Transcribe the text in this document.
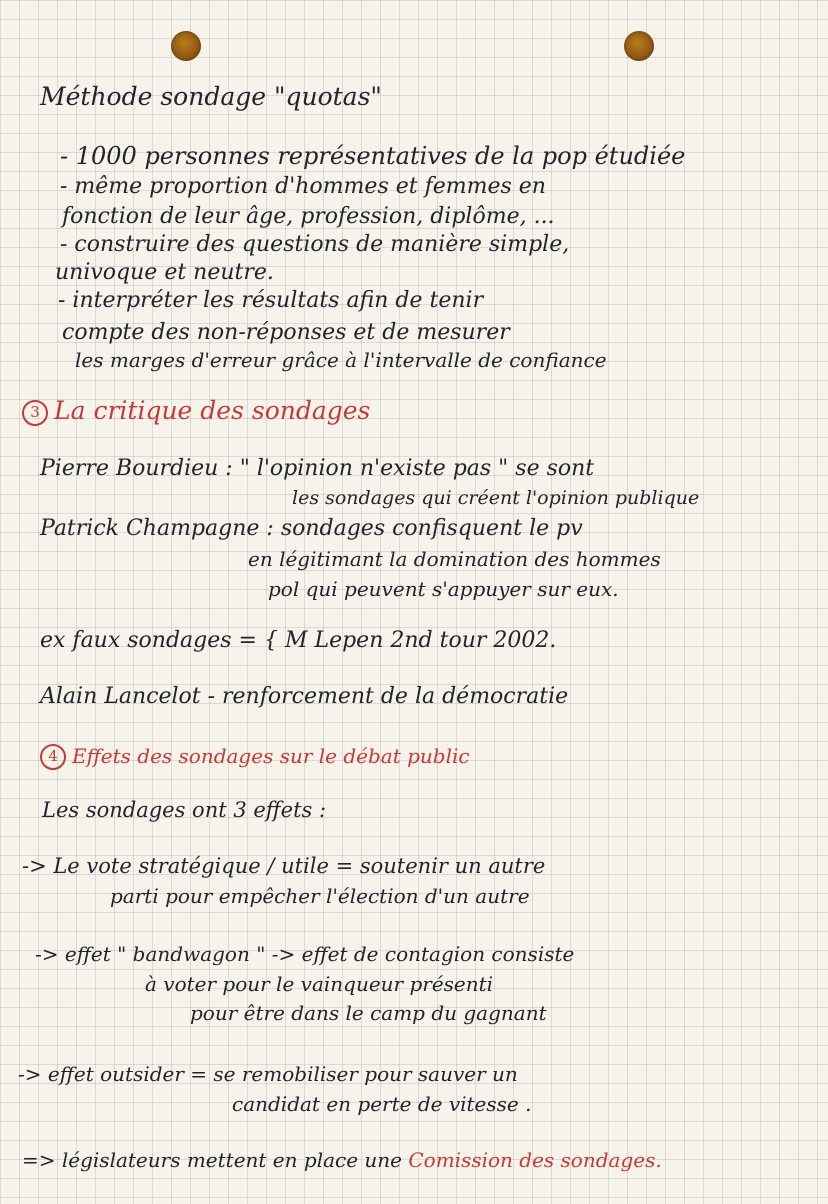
Méthode sondage "quotas"
- 1000 personnes représentatives de la pop étudiée
- même proportion d'hommes et femmes en
fonction de leur âge, profession, diplôme, ...
- construire des questions de manière simple,
univoque et neutre.
- interpréter les résultats afin de tenir
compte des non-réponses et de mesurer
les marges d'erreur grâce à l'intervalle de confiance
3 La critique des sondages
Pierre Bourdieu : " l'opinion n'existe pas " se sont
les sondages qui créent l'opinion publique
Patrick Champagne : sondages confisquent le pv
en légitimant la domination des hommes
pol qui peuvent s'appuyer sur eux.
ex faux sondages = { M Lepen 2nd tour 2002.
Alain Lancelot - renforcement de la démocratie
4 Effets des sondages sur le débat public
Les sondages ont 3 effets :
-> Le vote stratégique / utile = soutenir un autre
parti pour empêcher l'élection d'un autre
-> effet " bandwagon " -> effet de contagion consiste
à voter pour le vainqueur présenti
pour être dans le camp du gagnant
-> effet outsider = se remobiliser pour sauver un
candidat en perte de vitesse .
=> législateurs mettent en place une Comission des sondages.
